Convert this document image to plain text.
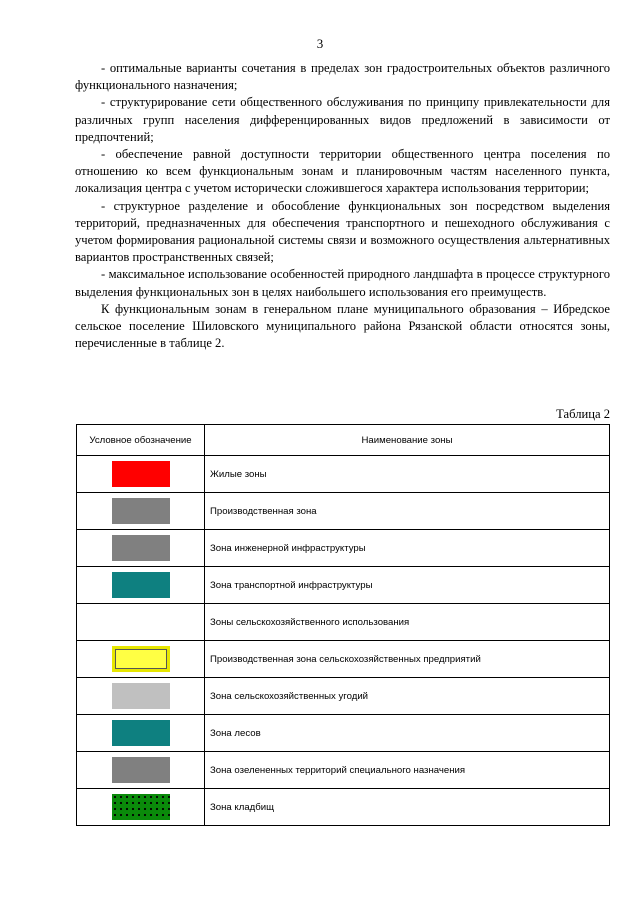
3

- оптимальные варианты сочетания в пределах зон градостроительных объектов различного функционального назначения;

- структурирование сети общественного обслуживания по принципу привлекательности для различных групп населения дифференцированных видов предложений в зависимости от предпочтений;

- обеспечение равной доступности территории общественного центра поселения по отношению ко всем функциональным зонам и планировочным частям населенного пункта, локализация центра с учетом исторически сложившегося характера использования территории;

- структурное разделение и обособление функциональных зон посредством выделения территорий, предназначенных для обеспечения транспортного и пешеходного обслуживания с учетом формирования рациональной системы связи и возможного осуществления альтернативных вариантов пространственных связей;

- максимальное использование особенностей природного ландшафта в процессе структурного выделения функциональных зон в целях наибольшего использования его преимуществ.

К функциональным зонам в генеральном плане муниципального образования – Ибредское сельское поселение Шиловского муниципального района Рязанской области относятся зоны, перечисленные в таблице 2.

Таблица 2
Условное обозначение	Наименование зоны
	Жилые зоны
	Производственная зона
	Зона инженерной инфраструктуры
	Зона транспортной инфраструктуры
	Зоны сельскохозяйственного использования
	Производственная зона сельскохозяйственных предприятий
	Зона сельскохозяйственных угодий
	Зона лесов
	Зона озелененных территорий специального назначения
	Зона кладбищ
